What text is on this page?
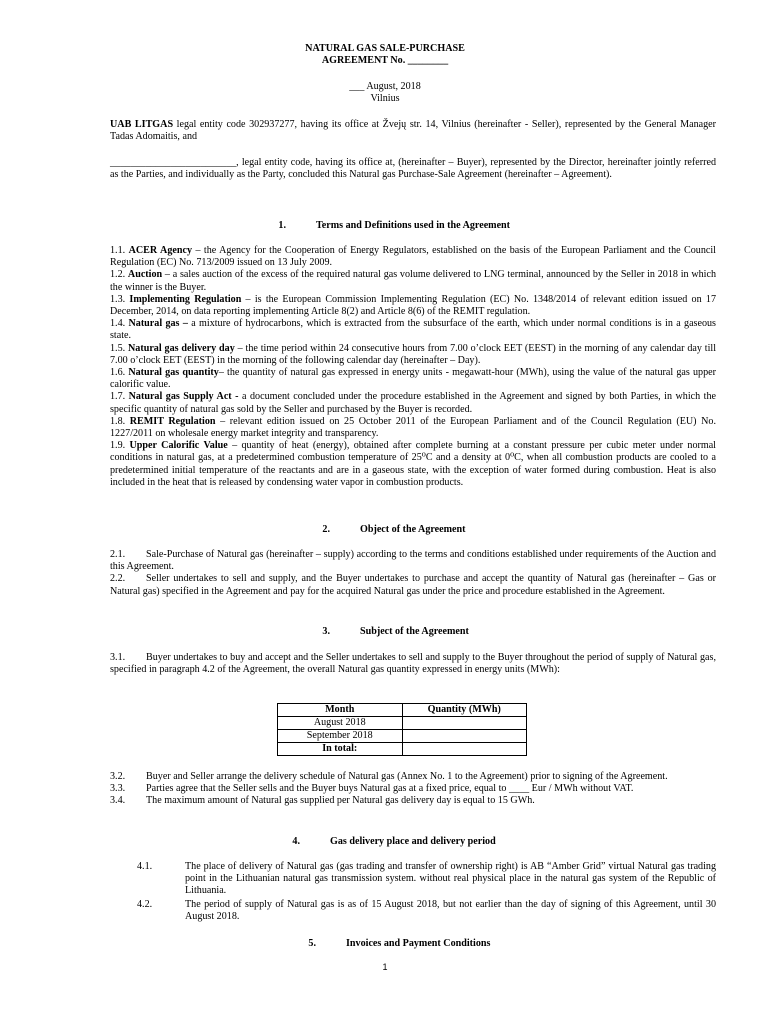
NATURAL GAS SALE-PURCHASE
AGREEMENT No. ________
___ August, 2018
Vilnius

UAB LITGAS legal entity code 302937277, having its office at Žvejų str. 14, Vilnius (hereinafter - Seller), represented by the General Manager Tadas Adomaitis, and

_________________________, legal entity code, having its office at, (hereinafter – Buyer), represented by the Director, hereinafter jointly referred as the Parties, and individually as the Party, concluded this Natural gas Purchase-Sale Agreement (hereinafter – Agreement).

1.	Terms and Definitions used in the Agreement

1.1. ACER Agency – the Agency for the Cooperation of Energy Regulators, established on the basis of the European Parliament and the Council Regulation (EC) No. 713/2009 issued on 13 July 2009.

1.2. Auction – a sales auction of the excess of the required natural gas volume delivered to LNG terminal, announced by the Seller in 2018 in which the winner is the Buyer.

1.3. Implementing Regulation – is the European Commission Implementing Regulation (EC) No. 1348/2014 of relevant edition issued on 17 December, 2014, on data reporting implementing Article 8(2) and Article 8(6) of the REMIT regulation.

1.4. Natural gas – a mixture of hydrocarbons, which is extracted from the subsurface of the earth, which under normal conditions is in a gaseous state.

1.5. Natural gas delivery day – the time period within 24 consecutive hours from 7.00 o’clock EET (EEST) in the morning of any calendar day till 7.00 o’clock EET (EEST) in the morning of the following calendar day (hereinafter – Day).

1.6. Natural gas quantity– the quantity of natural gas expressed in energy units - megawatt-hour (MWh), using the value of the natural gas upper calorific value.

1.7. Natural gas Supply Act - a document concluded under the procedure established in the Agreement and signed by both Parties, in which the specific quantity of natural gas sold by the Seller and purchased by the Buyer is recorded.

1.8. REMIT Regulation – relevant edition issued on 25 October 2011 of the European Parliament and of the Council Regulation (EU) No. 1227/2011 on wholesale energy market integrity and transparency.

1.9. Upper Calorific Value – quantity of heat (energy), obtained after complete burning at a constant pressure per cubic meter under normal conditions in natural gas, at a predetermined combustion temperature of 25⁰C and a density at 0⁰C, when all combustion products are cooled to a predetermined initial temperature of the reactants and are in a gaseous state, with the exception of water formed during combustion. Heat is also included in the heat that is released by condensing water vapor in combustion products.

2.	Object of the Agreement

2.1. Sale-Purchase of Natural gas (hereinafter – supply) according to the terms and conditions established under requirements of the Auction and this Agreement.

2.2. Seller undertakes to sell and supply, and the Buyer undertakes to purchase and accept the quantity of Natural gas (hereinafter – Gas or Natural gas) specified in the Agreement and pay for the acquired Natural gas under the price and procedure established in the Agreement.

3.	Subject of the Agreement

3.1. Buyer undertakes to buy and accept and the Seller undertakes to sell and supply to the Buyer throughout the period of supply of Natural gas, specified in paragraph 4.2 of the Agreement, the overall Natural gas quantity expressed in energy units (MWh):

Month	Quantity (MWh)
August 2018	
September 2018	
In total:	

3.2. Buyer and Seller arrange the delivery schedule of Natural gas (Annex No. 1 to the Agreement) prior to signing of the Agreement.

3.3. Parties agree that the Seller sells and the Buyer buys Natural gas at a fixed price, equal to ____ Eur / MWh without VAT.

3.4. The maximum amount of Natural gas supplied per Natural gas delivery day is equal to 15 GWh.

4.	Gas delivery place and delivery period
4.1.	The place of delivery of Natural gas (gas trading and transfer of ownership right) is AB “Amber Grid” virtual Natural gas trading point in the Lithuanian natural gas transmission system. without real physical place in the natural gas system of the Republic of Lithuania.
4.2.	The period of supply of Natural gas is as of 15 August 2018, but not earlier than the day of signing of this Agreement, until 30 August 2018.
5.	Invoices and Payment Conditions
1
